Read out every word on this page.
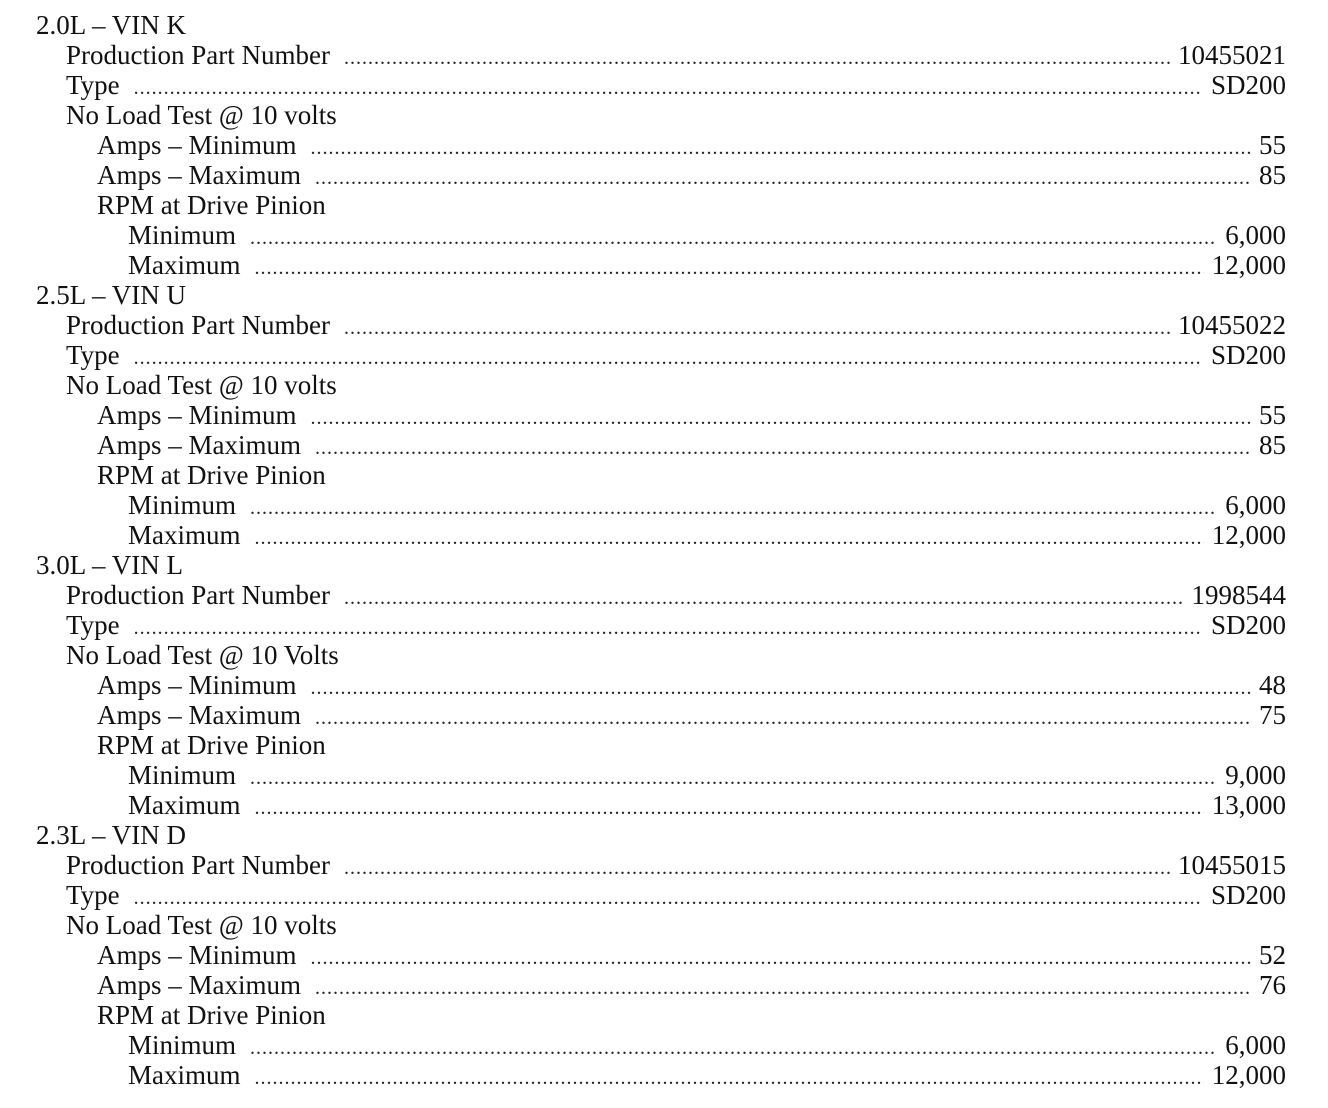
2.0L – VIN K
Production Part Number . . .	10455021
Type . . .	SD200
No Load Test @ 10 volts
Amps – Minimum . . .	55
Amps – Maximum . . .	85
RPM at Drive Pinion
Minimum . . .	6,000
Maximum . . .	12,000
2.5L – VIN U
Production Part Number . . .	10455022
Type . . .	SD200
No Load Test @ 10 volts
Amps – Minimum . . .	55
Amps – Maximum . . .	85
RPM at Drive Pinion
Minimum . . .	6,000
Maximum . . .	12,000
3.0L – VIN L
Production Part Number . . .	1998544
Type . . .	SD200
No Load Test @ 10 Volts
Amps – Minimum . . .	48
Amps – Maximum . . .	75
RPM at Drive Pinion
Minimum . . .	9,000
Maximum . . .	13,000
2.3L – VIN D
Production Part Number . . .	10455015
Type . . .	SD200
No Load Test @ 10 volts
Amps – Minimum . . .	52
Amps – Maximum . . .	76
RPM at Drive Pinion
Minimum . . .	6,000
Maximum . . .	12,000
